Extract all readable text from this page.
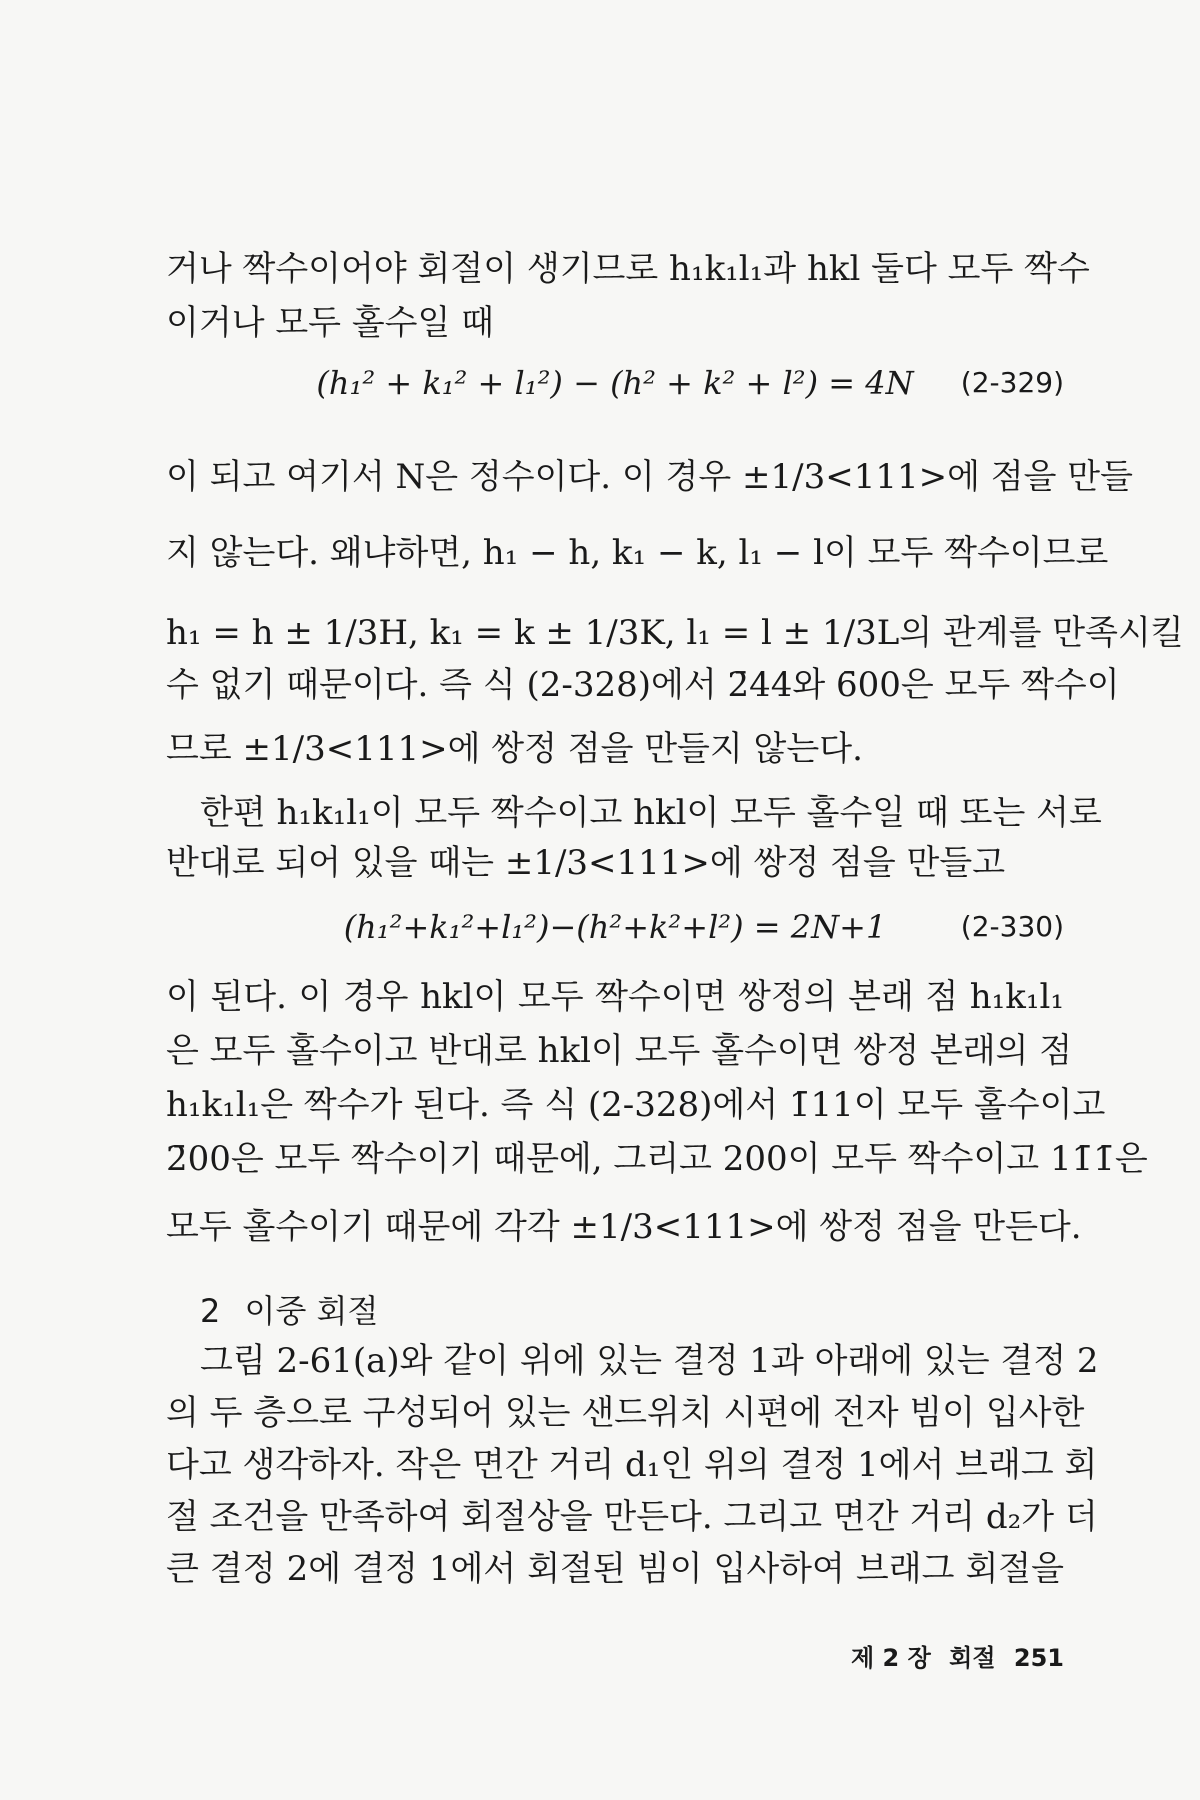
거나 짝수이어야 회절이 생기므로 h₁k₁l₁과 hkl 둘다 모두 짝수
이거나 모두 홀수일 때
(h₁² + k₁² + l₁²) − (h² + k² + l²) = 4N	(2-329)
이 되고 여기서 N은 정수이다. 이 경우 ±1/3<111>에 점을 만들
지 않는다. 왜냐하면, h₁ − h, k₁ − k, l₁ − l이 모두 짝수이므로
h₁ = h ± 1/3H, k₁ = k ± 1/3K, l₁ = l ± 1/3L의 관계를 만족시킬
수 없기 때문이다. 즉 식 (2-328)에서 2̄44와 6̄00은 모두 짝수이
므로 ±1/3<111>에 쌍정 점을 만들지 않는다.
한편 h₁k₁l₁이 모두 짝수이고 hkl이 모두 홀수일 때 또는 서로
반대로 되어 있을 때는 ±1/3<111>에 쌍정 점을 만들고
(h₁²+k₁²+l₁²)−(h²+k²+l²) = 2N+1	(2-330)
이 된다. 이 경우 hkl이 모두 짝수이면 쌍정의 본래 점 h₁k₁l₁
은 모두 홀수이고 반대로 hkl이 모두 홀수이면 쌍정 본래의 점
h₁k₁l₁은 짝수가 된다. 즉 식 (2-328)에서 1̄11이 모두 홀수이고
2̄00은 모두 짝수이기 때문에, 그리고 200이 모두 짝수이고 11̄1̄은
모두 홀수이기 때문에 각각 ±1/3<111>에 쌍정 점을 만든다.
2 이중 회절
그림 2-61(a)와 같이 위에 있는 결정 1과 아래에 있는 결정 2
의 두 층으로 구성되어 있는 샌드위치 시편에 전자 빔이 입사한
다고 생각하자. 작은 면간 거리 d₁인 위의 결정 1에서 브래그 회
절 조건을 만족하여 회절상을 만든다. 그리고 면간 거리 d₂가 더
큰 결정 2에 결정 1에서 회절된 빔이 입사하여 브래그 회절을
제 2 장 회절 251
